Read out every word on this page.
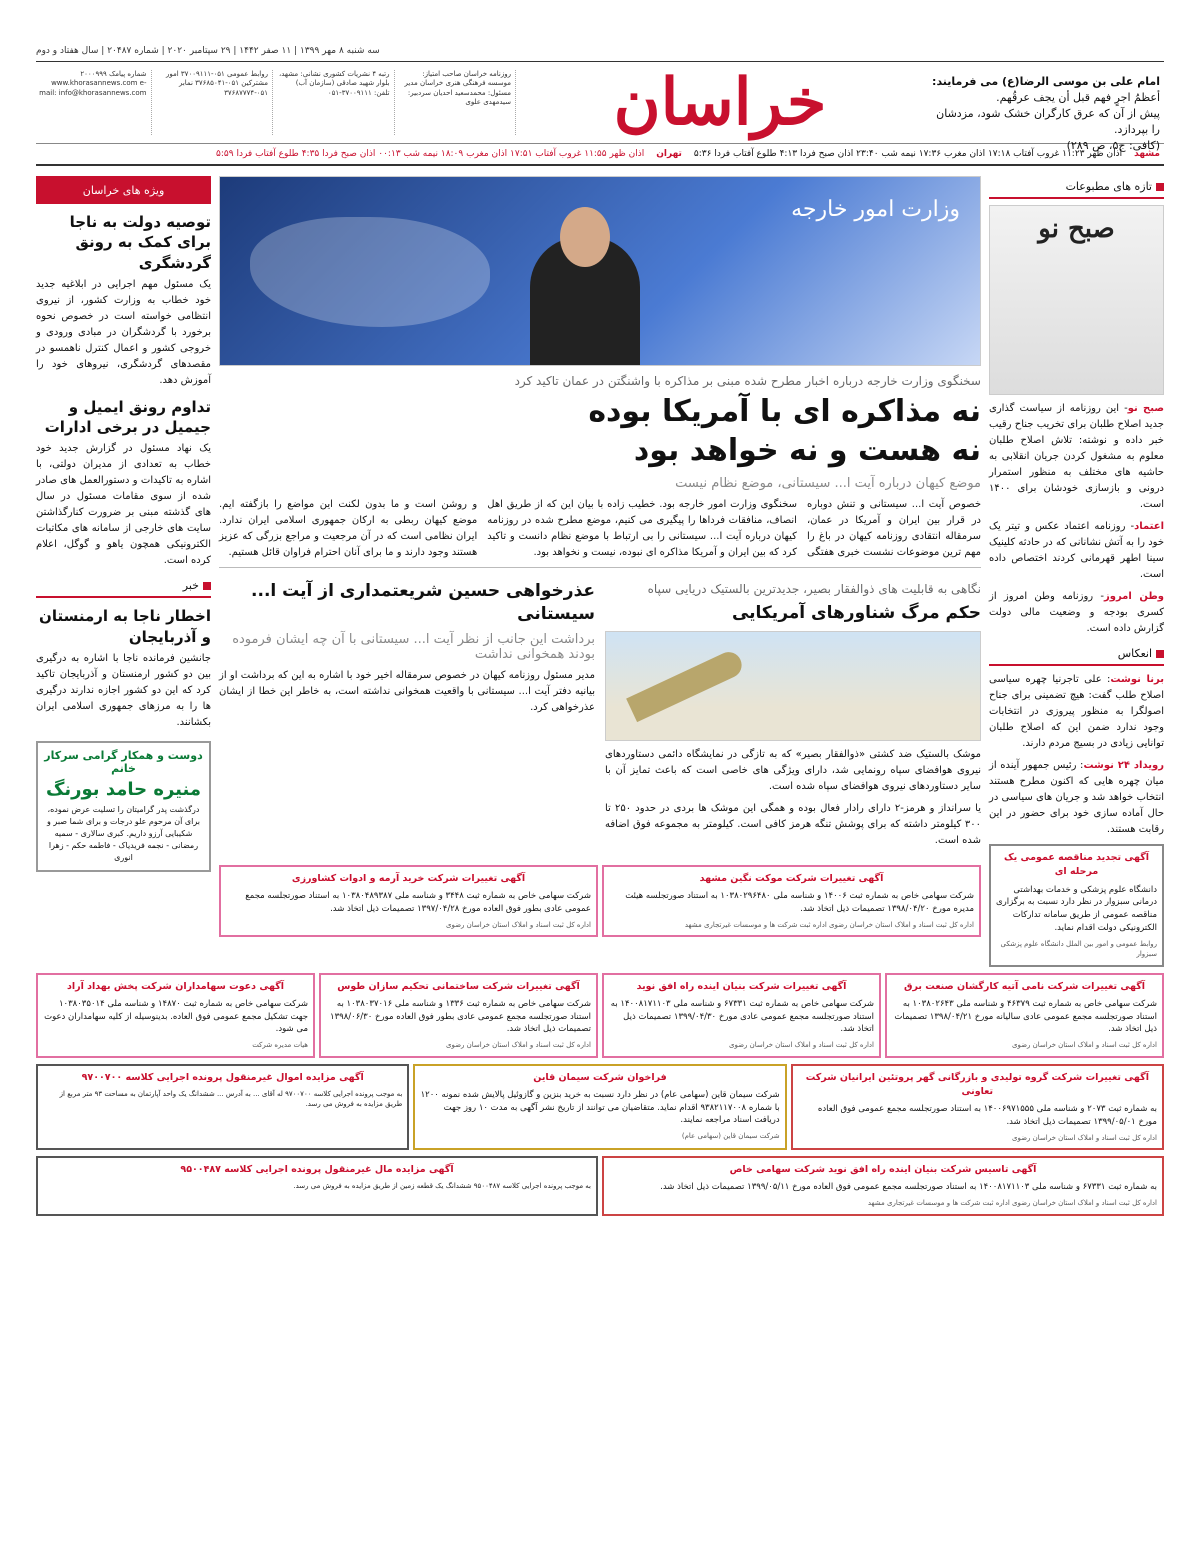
سه شنبه ۸ مهر ۱۳۹۹ | ۱۱ صفر ۱۴۴۲ | ۲۹ سپتامبر ۲۰۲۰ | شماره ۲۰۴۸۷ | سال هفتاد و دوم
امام علی بن موسی الرضا(ع) می فرمایند:
أعظمُ اجرٍ فهم قبل أن يجف عرقُهم.
پیش از آن که عرق کارگران خشک شود، مزدشان را بپردازد.
(کافی: ج۵، ص ۲۸۹)
خراسان
روزنامه خراسان صاحب امتیاز: موسسه فرهنگی هنری خراسان مدیر مسئول: محمدسعید احدیان سردبیر: سیدمهدی علوی
رتبه ۴ نشریات کشوری نشانی: مشهد، بلوار شهید صادقی (سازمان آب) تلفن: ۳۷۰۰۹۱۱۱-۰۵۱
روابط عمومی ۰۵۱-۳۷۰۰۹۱۱۱ امور مشترکین ۰۵۱-۳۷۶۸۵۰۴۱ نمابر ۰۵۱-۳۷۶۸۷۷۷۴
شماره پیامک ۲۰۰۰۹۹۹ www.khorasannews.com e-mail: info@khorasannews.com
مشهد
اذان ظهر ۱۱:۲۳ غروب آفتاب ۱۷:۱۸ اذان مغرب ۱۷:۳۶ نیمه شب ۲۳:۴۰ اذان صبح فردا ۴:۱۳ طلوع آفتاب فردا ۵:۳۶
تهران
اذان ظهر ۱۱:۵۵ غروب آفتاب ۱۷:۵۱ اذان مغرب ۱۸:۰۹ نیمه شب ۰۰:۱۳ اذان صبح فردا ۴:۳۵ طلوع آفتاب فردا ۵:۵۹
تازه های مطبوعات
صبح نو

صبح نو- این روزنامه از سیاست گذاری جدید اصلاح طلبان برای تخریب جناح رقیب خبر داده و نوشته: تلاش اصلاح طلبان معلوم به مشغول کردن جریان انقلابی به حاشیه های مختلف به منظور استمرار درونی و بازسازی خودشان برای ۱۴۰۰ است.

اعتماد- روزنامه اعتماد عکس و تیتر یک خود را به آتش نشانانی که در حادثه کلینیک سینا اطهر قهرمانی کردند اختصاص داده است.

وطن امروز- روزنامه وطن امروز از کسری بودجه و وضعیت مالی دولت گزارش داده است.

انعکاس

برنا نوشت: علی تاجرنیا چهره سیاسی اصلاح طلب گفت: هیچ تضمینی برای جناح اصولگرا به منظور پیروزی در انتخابات وجود ندارد ضمن این که اصلاح طلبان توانایی زیادی در بسیج مردم دارند.

رویداد ۲۴ نوشت: رئیس جمهور آینده از میان چهره هایی که اکنون مطرح هستند انتخاب خواهد شد و جریان های سیاسی در حال آماده سازی خود برای حضور در این رقابت هستند.

آگهی تجدید مناقصه عمومی یک مرحله ای
دانشگاه علوم پزشکی و خدمات بهداشتی درمانی سبزوار در نظر دارد نسبت به برگزاری مناقصه عمومی از طریق سامانه تدارکات الکترونیکی دولت اقدام نماید.
روابط عمومی و امور بین الملل دانشگاه علوم پزشکی سبزوار
وزارت امور خارجه
سخنگوی وزارت خارجه درباره اخبار مطرح شده مبنی بر مذاکره با واشنگتن در عمان تاکید کرد
نه مذاکره ای با آمریکا بوده
نه هست و نه خواهد بود
موضع کیهان درباره آیت ا... سیستانی، موضع نظام نیست

خصوص آیت ا... سیستانی و تنش دوباره در قرار بین ایران و آمریکا در عمان، سرمقاله انتقادی روزنامه کیهان در باغ را مهم ترین موضوعات نشست خبری هفتگی

سخنگوی وزارت امور خارجه بود. خطیب زاده با بیان این که از طریق اهل انصاف، منافقات فرداها را پیگیری می کنیم، موضع مطرح شده در روزنامه کیهان درباره آیت ا... سیستانی را بی ارتباط با موضع نظام دانست و تاکید کرد که بین ایران و آمریکا مذاکره ای نبوده، نیست و نخواهد بود.

و روشن است و ما بدون لکنت این مواضع را بازگفته ایم. موضع کیهان ربطی به ارکان جمهوری اسلامی ایران ندارد. ایران نظامی است که در آن مرجعیت و مراجع بزرگی که عزیز هستند وجود دارند و ما برای آنان احترام فراوان قائل هستیم.

نگاهی به قابلیت های ذوالفقار بصیر، جدیدترین بالستیک دریایی سپاه
حکم مرگ شناورهای آمریکایی

موشک بالستیک ضد کشتی «ذوالفقار بصیر» که به تازگی در نمایشگاه دائمی دستاوردهای نیروی هوافضای سپاه رونمایی شد، دارای ویژگی های خاصی است که باعث تمایز آن با سایر دستاوردهای نیروی هوافضای سپاه شده است.

یا سرانداز و هرمز-۲ دارای رادار فعال بوده و همگی این موشک ها بردی در حدود ۲۵۰ تا ۳۰۰ کیلومتر داشته که برای پوشش تنگه هرمز کافی است. کیلومتر به مجموعه فوق اضافه شده است.

عذرخواهی حسین شریعتمداری از آیت ا... سیستانی
برداشت این جانب از نظر آیت ا... سیستانی با آن چه ایشان فرموده بودند همخوانی نداشت

مدیر مسئول روزنامه کیهان در خصوص سرمقاله اخیر خود با اشاره به این که برداشت او از بیانیه دفتر آیت ا... سیستانی با واقعیت همخوانی نداشته است، به خاطر این خطا از ایشان عذرخواهی کرد.

آگهی تغییرات شرکت موکت نگین مشهد
شرکت سهامی خاص به شماره ثبت ۱۴۰۰۶ و شناسه ملی ۱۰۳۸۰۲۹۶۴۸۰ به استناد صورتجلسه هیئت مدیره مورخ ۱۳۹۸/۰۴/۲۰ تصمیمات ذیل اتخاذ شد.
اداره کل ثبت اسناد و املاک استان خراسان رضوی اداره ثبت شرکت ها و موسسات غیرتجاری مشهد
آگهی تغییرات شرکت خرید آرمه و ادوات کشاورزی
شرکت سهامی خاص به شماره ثبت ۳۴۴۸ و شناسه ملی ۱۰۳۸۰۴۸۹۳۸۷ به استناد صورتجلسه مجمع عمومی عادی بطور فوق العاده مورخ ۱۳۹۷/۰۴/۲۸ تصمیمات ذیل اتخاذ شد.
اداره کل ثبت اسناد و املاک استان خراسان رضوی
ویژه های خراسان
توصیه دولت به ناجا برای کمک به رونق گردشگری

یک مسئول مهم اجرایی در ابلاغیه جدید خود خطاب به وزارت کشور، از نیروی انتظامی خواسته است در خصوص نحوه برخورد با گردشگران در مبادی ورودی و خروجی کشور و اعمال کنترل ناهمسو در مقصدهای گردشگری، نیروهای خود را آموزش دهد.

تداوم رونق ایمیل و جیمیل در برخی ادارات

یک نهاد مسئول در گزارش جدید خود خطاب به تعدادی از مدیران دولتی، با اشاره به تاکیدات و دستورالعمل های صادر شده از سوی مقامات مسئول در سال های گذشته مبنی بر ضرورت کنارگذاشتن سایت های خارجی از سامانه های مکاتبات الکترونیکی همچون یاهو و گوگل، اعلام کرده است.

خبر
اخطار ناجا به ارمنستان و آذربایجان

جانشین فرمانده ناجا با اشاره به درگیری بین دو کشور ارمنستان و آذربایجان تاکید کرد که این دو کشور اجازه ندارند درگیری ها را به مرزهای جمهوری اسلامی ایران بکشانند.

دوست و همکار گرامی سرکار خانم
منیره حامد بورنگ
درگذشت پدر گرامیتان را تسلیت عرض نموده، برای آن مرحوم علو درجات و برای شما صبر و شکیبایی آرزو داریم. کبری سالاری - سمیه رمضانی - نجمه فریدیاک - فاطمه حکم - زهرا انوری
آگهی تغییرات شرکت نامی آتیه کارگشان صنعت برق
شرکت سهامی خاص به شماره ثبت ۴۶۳۷۹ و شناسه ملی ۱۰۳۸۰۲۶۴۳ به استناد صورتجلسه مجمع عمومی عادی سالیانه مورخ ۱۳۹۸/۰۴/۲۱ تصمیمات ذیل اتخاذ شد.
اداره کل ثبت اسناد و املاک استان خراسان رضوی
آگهی تغییرات شرکت بنیان اینده راه افق نوید
شرکت سهامی خاص به شماره ثبت ۶۷۳۳۱ و شناسه ملی ۱۴۰۰۸۱۷۱۱۰۳ به استناد صورتجلسه مجمع عمومی عادی مورخ ۱۳۹۹/۰۴/۳۰ تصمیمات ذیل اتخاذ شد.
اداره کل ثبت اسناد و املاک استان خراسان رضوی
آگهی تغییرات شرکت ساختمانی تحکیم سازان طوس
شرکت سهامی خاص به شماره ثبت ۱۳۳۶ و شناسه ملی ۱۰۳۸۰۳۷۰۱۶ به استناد صورتجلسه مجمع عمومی عادی بطور فوق العاده مورخ ۱۳۹۸/۰۶/۳۰ تصمیمات ذیل اتخاذ شد.
اداره کل ثبت اسناد و املاک استان خراسان رضوی
آگهی دعوت سهامداران شرکت پخش بهداد آراد
شرکت سهامی خاص به شماره ثبت ۱۴۸۷۰ و شناسه ملی ۱۰۳۸۰۳۵۰۱۴ جهت تشکیل مجمع عمومی فوق العاده. بدینوسیله از کلیه سهامداران دعوت می شود.
هیات مدیره شرکت
آگهی تغییرات شرکت گروه تولیدی و بازرگانی گهر پروتئین ایرانیان شرکت تعاونی
به شماره ثبت ۲۰۷۳ و شناسه ملی ۱۴۰۰۶۹۷۱۵۵۵ به استناد صورتجلسه مجمع عمومی فوق العاده مورخ ۱۳۹۹/۰۵/۰۱ تصمیمات ذیل اتخاذ شد.
اداره کل ثبت اسناد و املاک استان خراسان رضوی
فراخوان شرکت سیمان قاین
شرکت سیمان قاین (سهامی عام) در نظر دارد نسبت به خرید بنزین و گازوئیل پالایش شده نمونه ۱۲۰۰ با شماره ۹۳۸۲۱۱۷۰۰۸ اقدام نماید. متقاضیان می توانند از تاریخ نشر آگهی به مدت ۱۰ روز جهت دریافت اسناد مراجعه نمایند.
شرکت سیمان قاین (سهامی عام)
آگهی مزایده اموال غیرمنقول پرونده اجرایی کلاسه ۹۷۰۰۷۰۰
به موجب پرونده اجرایی کلاسه ۹۷۰۰۷۰۰ له آقای ... به آدرس ... ششدانگ یک واحد آپارتمان به مساحت ۹۳ متر مربع از طریق مزایده به فروش می رسد.
آگهی تاسیس شرکت بنیان اینده راه افق نوید شرکت سهامی خاص
به شماره ثبت ۶۷۳۳۱ و شناسه ملی ۱۴۰۰۸۱۷۱۱۰۳ به استناد صورتجلسه مجمع عمومی فوق العاده مورخ ۱۳۹۹/۰۵/۱۱ تصمیمات ذیل اتخاذ شد.
اداره کل ثبت اسناد و املاک استان خراسان رضوی اداره ثبت شرکت ها و موسسات غیرتجاری مشهد
آگهی مزایده مال غیرمنقول پرونده اجرایی کلاسه ۹۵۰۰۴۸۷
به موجب پرونده اجرایی کلاسه ۹۵۰۰۴۸۷ ششدانگ یک قطعه زمین از طریق مزایده به فروش می رسد.
